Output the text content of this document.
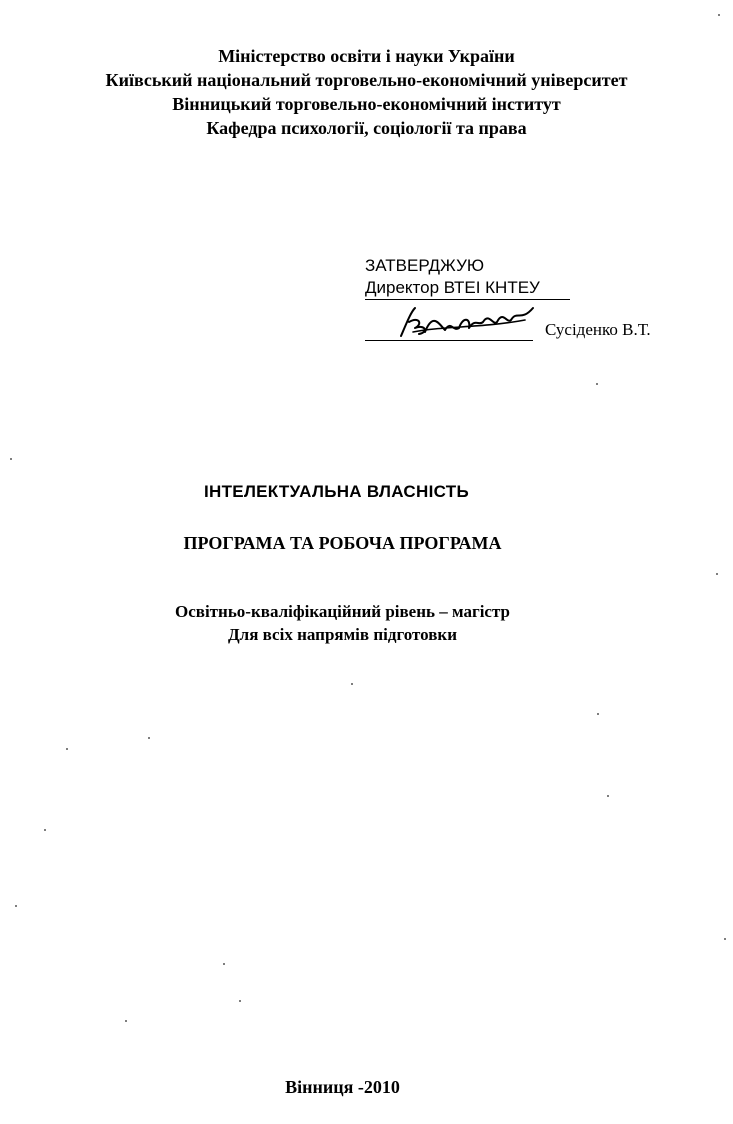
Міністерство освіти і науки України
Київський національний торговельно-економічний університет
Вінницький торговельно-економічний інститут
Кафедра психології, соціології та права
ЗАТВЕРДЖУЮ
Директор ВТЕІ КНТЕУ
Сусіденко В.Т.
ІНТЕЛЕКТУАЛЬНА ВЛАСНІСТЬ
ПРОГРАМА ТА РОБОЧА ПРОГРАМА
Освітньо-кваліфікаційний рівень – магістр
Для всіх напрямів підготовки
Вінниця -2010
